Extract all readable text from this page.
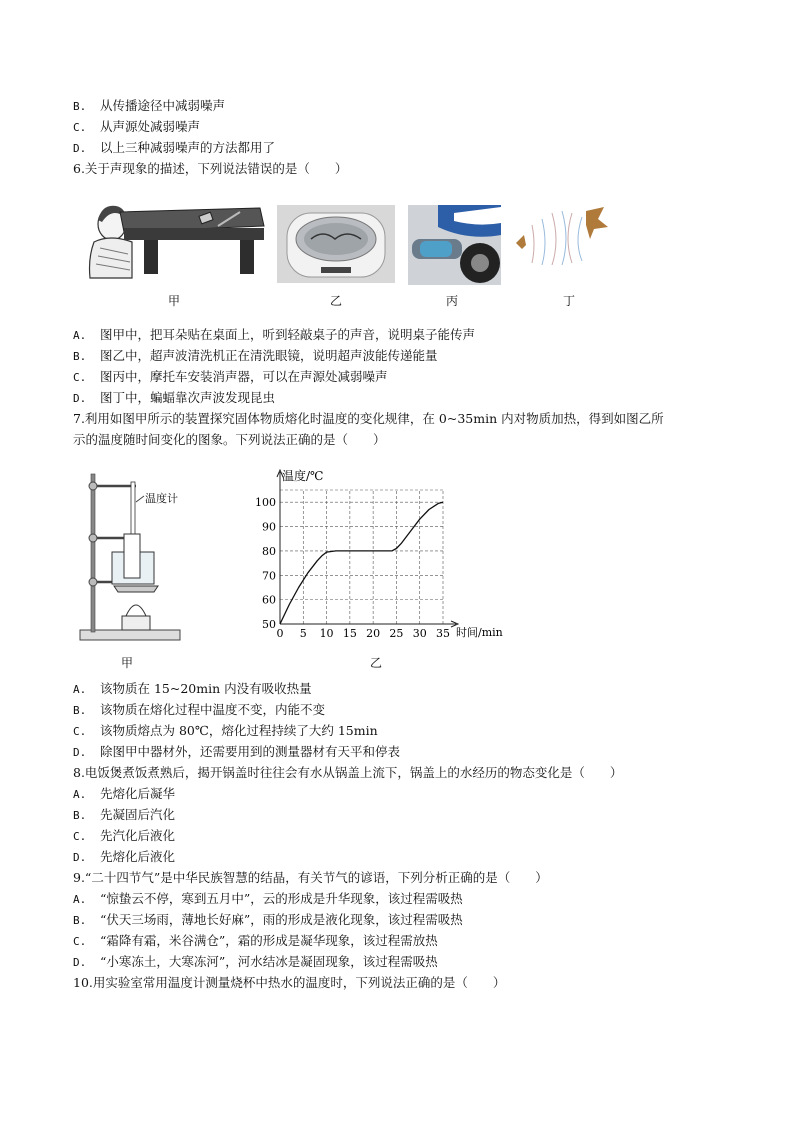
B. 从传播途径中减弱噪声
C. 从声源处减弱噪声
D. 以上三种减弱噪声的方法都用了
6.关于声现象的描述，下列说法错误的是（　　）
甲	乙	丙	丁
A. 图甲中，把耳朵贴在桌面上，听到轻敲桌子的声音，说明桌子能传声
B. 图乙中，超声波清洗机正在清洗眼镜，说明超声波能传递能量
C. 图丙中，摩托车安装消声器，可以在声源处减弱噪声
D. 图丁中，蝙蝠靠次声波发现昆虫
7.利用如图甲所示的装置探究固体物质熔化时温度的变化规律，在 0~35min 内对物质加热，得到如图乙所
示的温度随时间变化的图象。下列说法正确的是（　　）
温度计
甲
0 5 10 15 20 25 30 35
50
60
70
80
90
100
温度/℃
时间/min
乙
A. 该物质在 15~20min 内没有吸收热量
B. 该物质在熔化过程中温度不变，内能不变
C. 该物质熔点为 80℃，熔化过程持续了大约 15min
D. 除图甲中器材外，还需要用到的测量器材有天平和停表
8.电饭煲煮饭煮熟后，揭开锅盖时往往会有水从锅盖上流下，锅盖上的水经历的物态变化是（　　）
A. 先熔化后凝华
B. 先凝固后汽化
C. 先汽化后液化
D. 先熔化后液化
9.“二十四节气”是中华民族智慧的结晶，有关节气的谚语，下列分析正确的是（　　）
A. “惊蛰云不停，寒到五月中”，云的形成是升华现象，该过程需吸热
B. “伏天三场雨，薄地长好麻”，雨的形成是液化现象，该过程需吸热
C. “霜降有霜，米谷满仓”，霜的形成是凝华现象，该过程需放热
D. “小寒冻土，大寒冻河”，河水结冰是凝固现象，该过程需吸热
10.用实验室常用温度计测量烧杯中热水的温度时，下列说法正确的是（　　）
